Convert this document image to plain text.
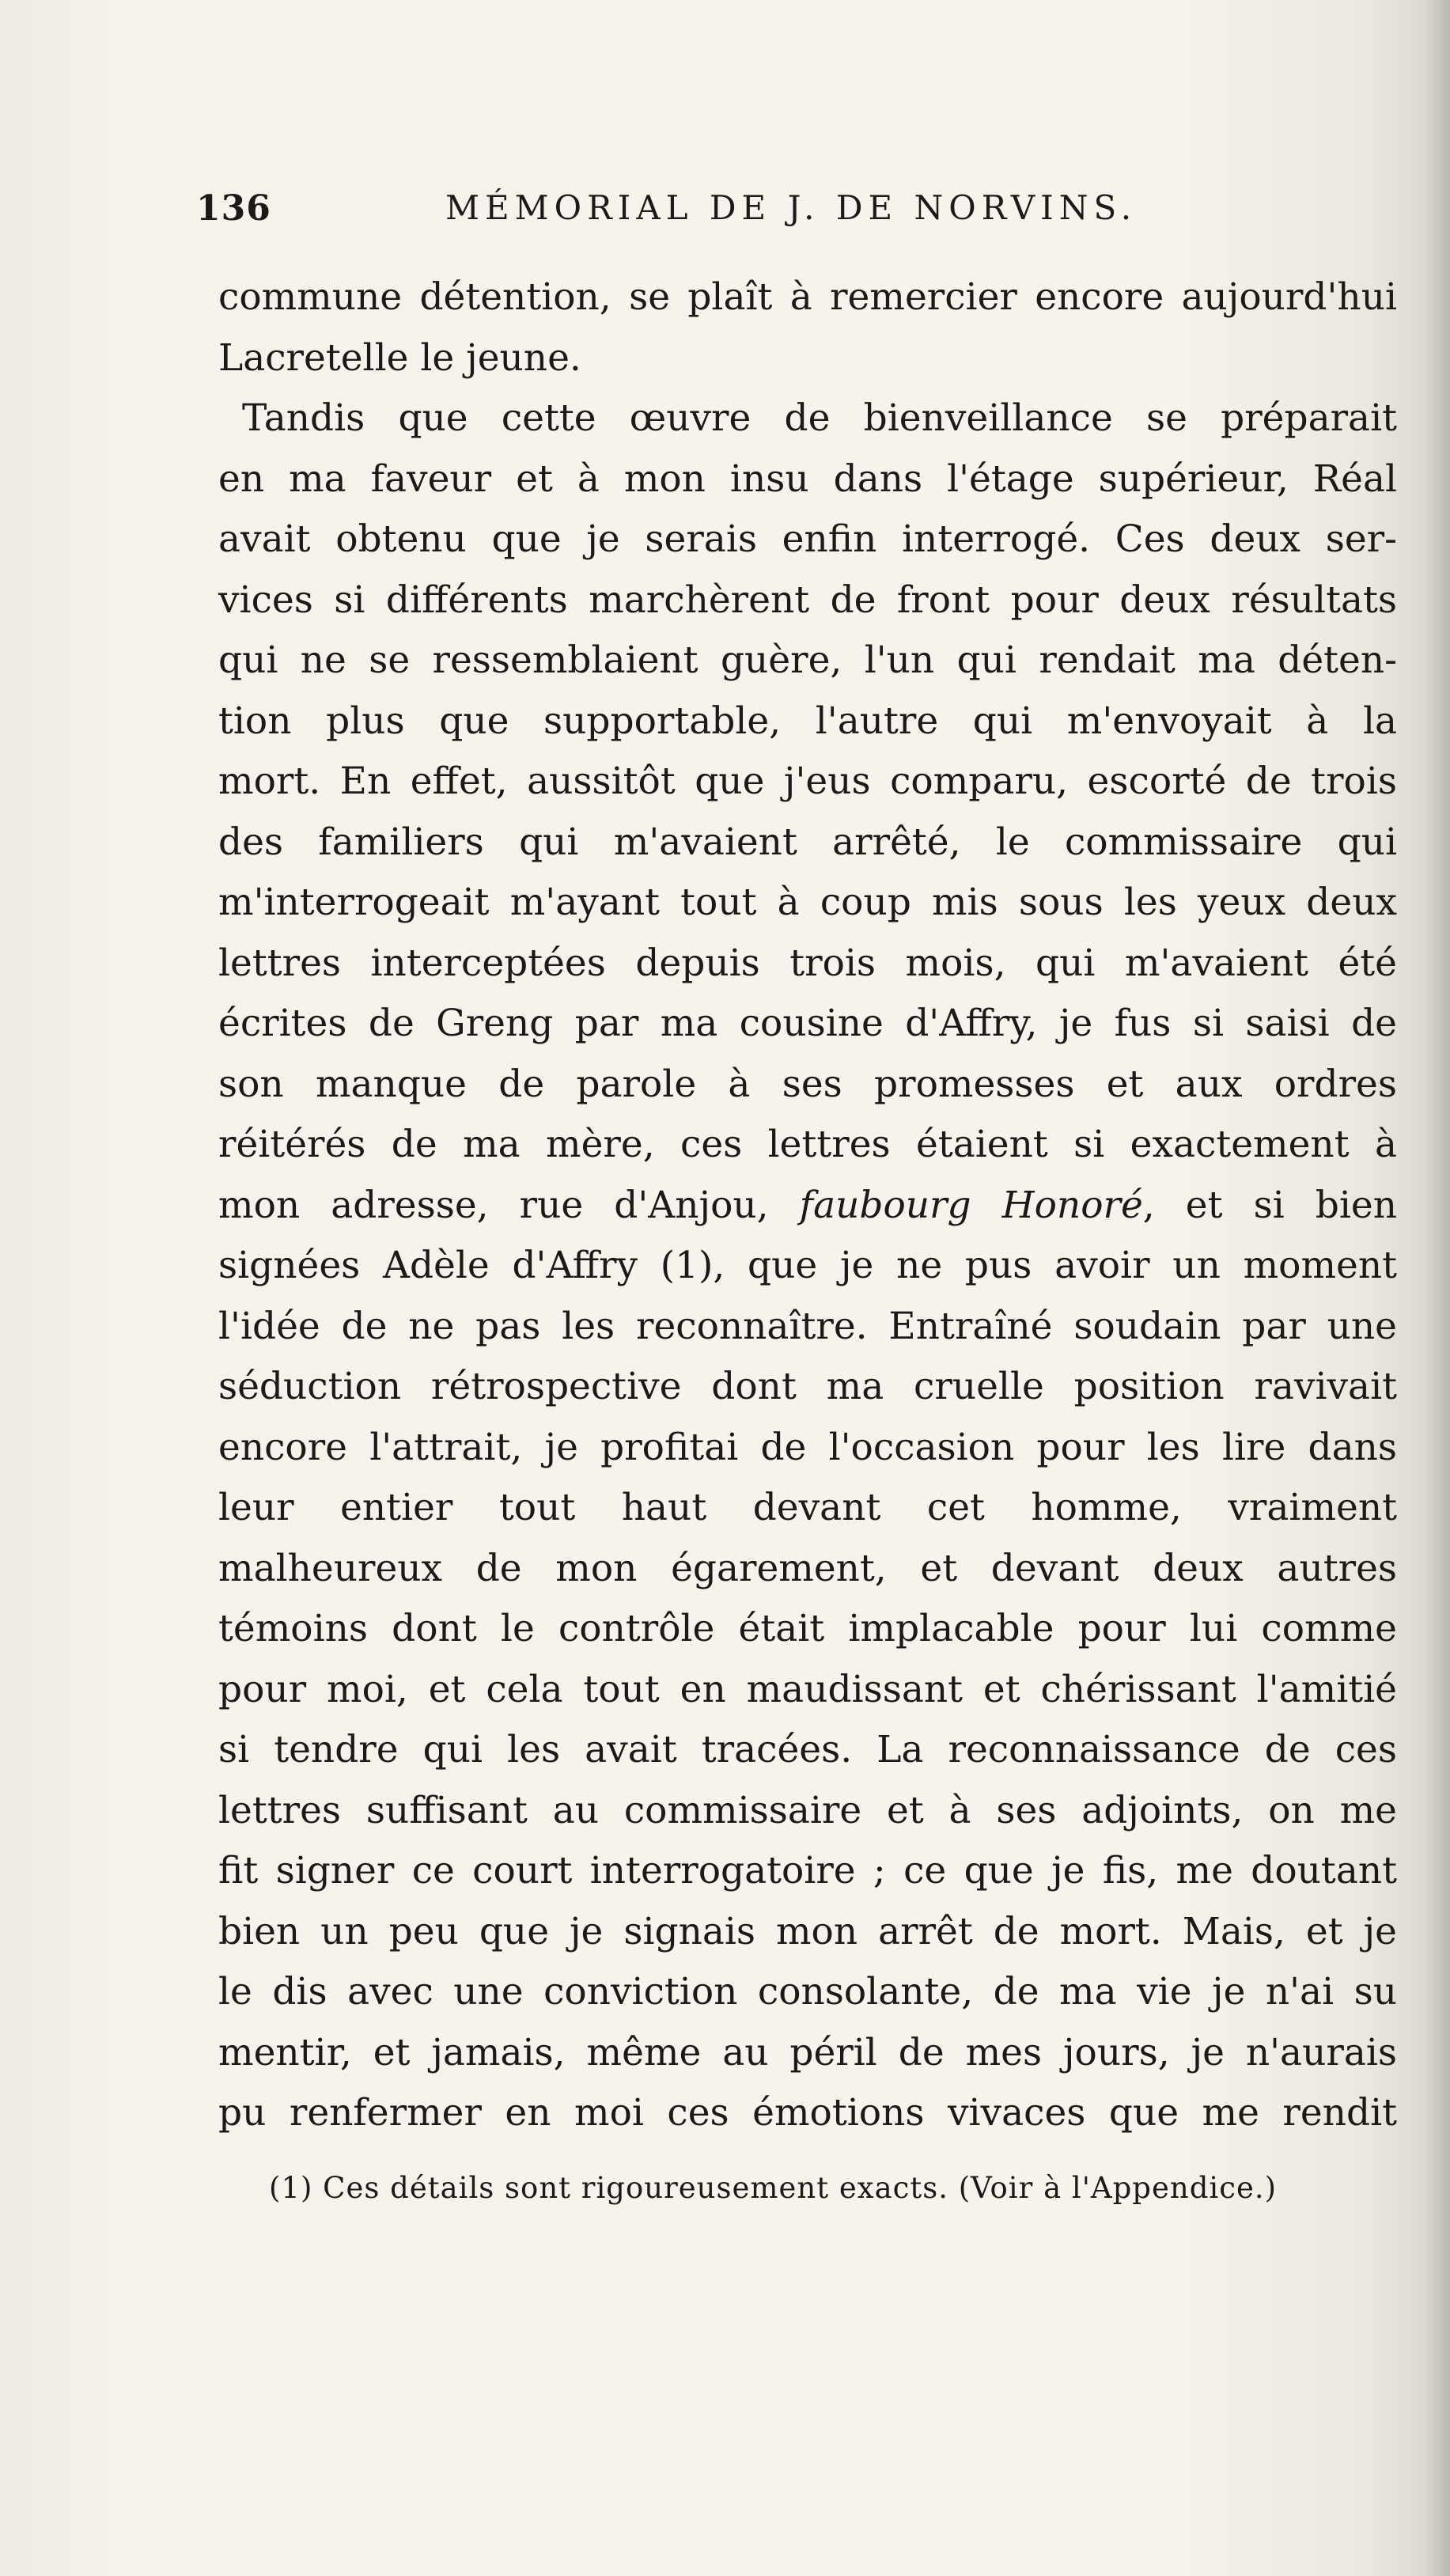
136	MÉMORIAL DE J. DE NORVINS.
commune détention, se plaît à remercier encore aujourd'hui
Lacretelle le jeune.
Tandis que cette œuvre de bienveillance se préparait
en ma faveur et à mon insu dans l'étage supérieur, Réal
avait obtenu que je serais enfin interrogé. Ces deux ser-
vices si différents marchèrent de front pour deux résultats
qui ne se ressemblaient guère, l'un qui rendait ma déten-
tion plus que supportable, l'autre qui m'envoyait à la
mort. En effet, aussitôt que j'eus comparu, escorté de trois
des familiers qui m'avaient arrêté, le commissaire qui
m'interrogeait m'ayant tout à coup mis sous les yeux deux
lettres interceptées depuis trois mois, qui m'avaient été
écrites de Greng par ma cousine d'Affry, je fus si saisi de
son manque de parole à ses promesses et aux ordres
réitérés de ma mère, ces lettres étaient si exactement à
mon adresse, rue d'Anjou, faubourg Honoré, et si bien
signées Adèle d'Affry (1), que je ne pus avoir un moment
l'idée de ne pas les reconnaître. Entraîné soudain par une
séduction rétrospective dont ma cruelle position ravivait
encore l'attrait, je profitai de l'occasion pour les lire dans
leur entier tout haut devant cet homme, vraiment
malheureux de mon égarement, et devant deux autres
témoins dont le contrôle était implacable pour lui comme
pour moi, et cela tout en maudissant et chérissant l'amitié
si tendre qui les avait tracées. La reconnaissance de ces
lettres suffisant au commissaire et à ses adjoints, on me
fit signer ce court interrogatoire ; ce que je fis, me doutant
bien un peu que je signais mon arrêt de mort. Mais, et je
le dis avec une conviction consolante, de ma vie je n'ai su
mentir, et jamais, même au péril de mes jours, je n'aurais
pu renfermer en moi ces émotions vivaces que me rendit
(1) Ces détails sont rigoureusement exacts. (Voir à l'Appendice.)
